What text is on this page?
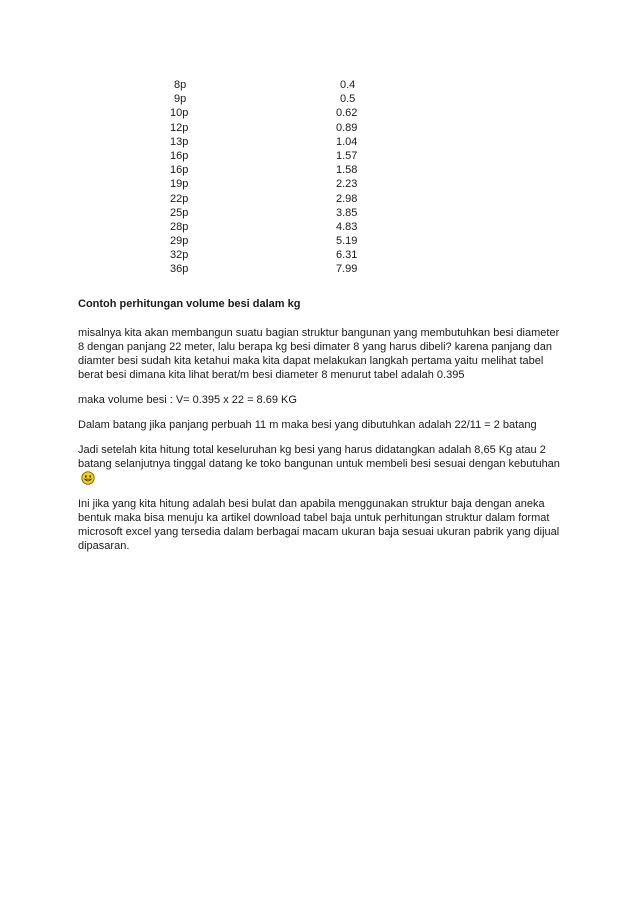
8p	0.4
9p	0.5
10p	0.62
12p	0.89
13p	1.04
16p	1.57
16p	1.58
19p	2.23
22p	2.98
25p	3.85
28p	4.83
29p	5.19
32p	6.31
36p	7.99

Contoh perhitungan volume besi dalam kg

misalnya kita akan membangun suatu bagian struktur bangunan yang membutuhkan besi diameter 8 dengan panjang 22 meter, lalu berapa kg besi dimater 8 yang harus dibeli? karena panjang dan diamter besi sudah kita ketahui maka kita dapat melakukan langkah pertama yaitu melihat tabel berat besi dimana kita lihat berat/m besi diameter 8 menurut tabel adalah 0.395

maka volume besi : V= 0.395 x 22 = 8.69 KG

Dalam batang jika panjang perbuah 11 m maka besi yang dibutuhkan adalah 22/11 = 2 batang

Jadi setelah kita hitung total keseluruhan kg besi yang harus didatangkan adalah 8,65 Kg atau 2 batang selanjutnya tinggal datang ke toko bangunan untuk membeli besi sesuai dengan kebutuhan

Ini jika yang kita hitung adalah besi bulat dan apabila menggunakan struktur baja dengan aneka bentuk maka bisa menuju ka artikel download tabel baja untuk perhitungan struktur dalam format microsoft excel yang tersedia dalam berbagai macam ukuran baja sesuai ukuran pabrik yang dijual dipasaran.
